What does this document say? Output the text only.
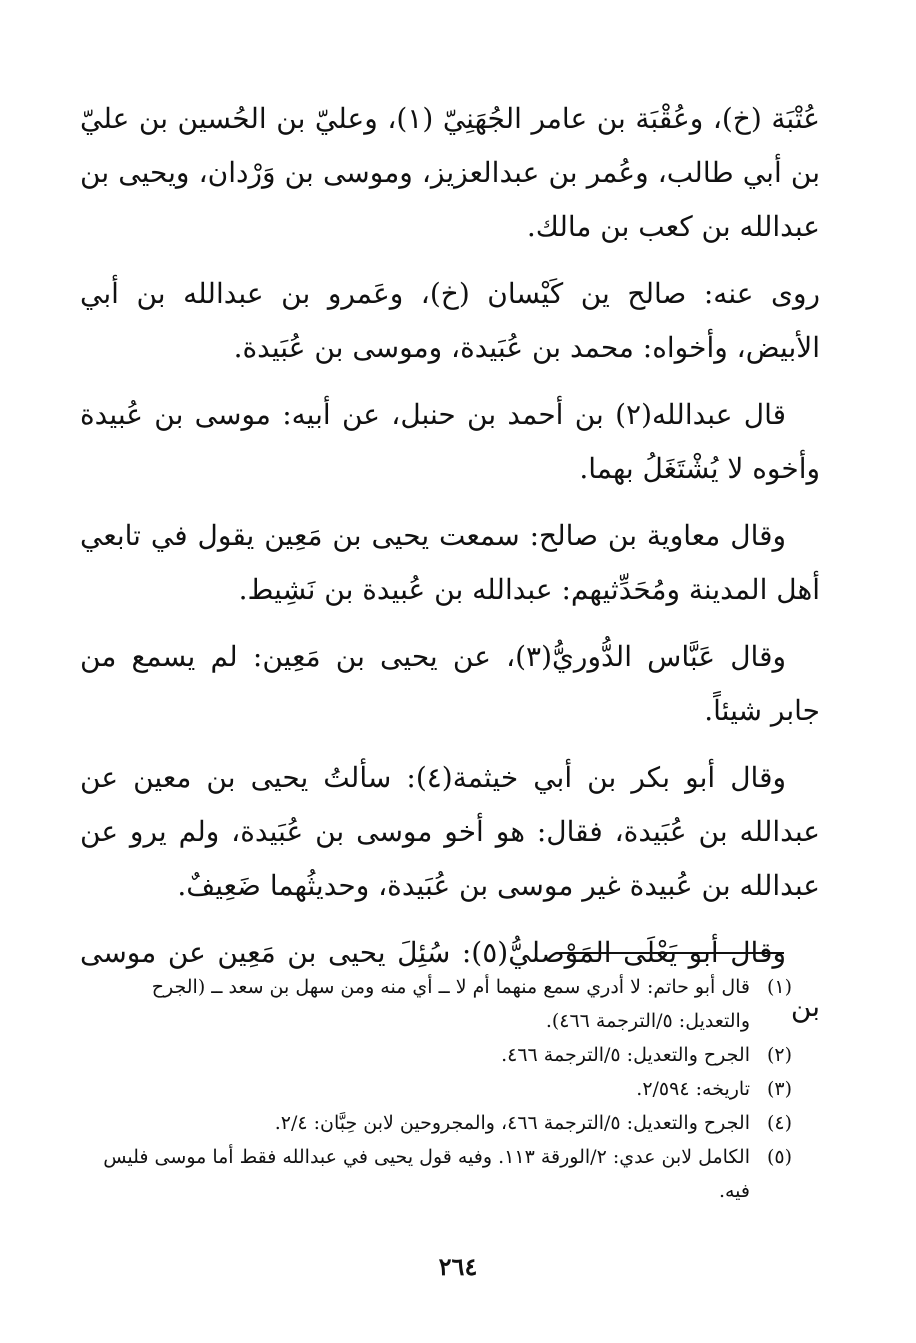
عُتْبَة (خ)، وعُقْبَة بن عامر الجُهَنِيّ (١)، وعليّ بن الحُسين بن عليّ بن أبي طالب، وعُمر بن عبدالعزيز، وموسى بن وَرْدان، ويحيى بن عبدالله بن كعب بن مالك.

روى عنه: صالح ين كَيْسان (خ)، وعَمرو بن عبدالله بن أبي الأبيض، وأخواه: محمد بن عُبَيدة، وموسى بن عُبَيدة.

قال عبدالله(٢) بن أحمد بن حنبل، عن أبيه: موسى بن عُبيدة وأخوه لا يُشْتَغَلُ بهما.

وقال معاوية بن صالح: سمعت يحيى بن مَعِين يقول في تابعي أهل المدينة ومُحَدِّثيهم: عبدالله بن عُبيدة بن نَشِيط.

وقال عَبَّاس الدُّوريُّ(٣)، عن يحيى بن مَعِين: لم يسمع من جابر شيئاً.

وقال أبو بكر بن أبي خيثمة(٤): سألتُ يحيى بن معين عن عبدالله بن عُبَيدة، فقال: هو أخو موسى بن عُبَيدة، ولم يرو عن عبدالله بن عُبيدة غير موسى بن عُبَيدة، وحديثُهما ضَعِيفٌ.

وقال أبو يَعْلَى المَوْصليُّ(٥): سُئِلَ يحيى بن مَعِين عن موسى بن

(١)
قال أبو حاتم: لا أدري سمع منهما أم لا ــ أي منه ومن سهل بن سعد ــ (الجرح والتعديل: ٥/الترجمة ٤٦٦).

(٢)
الجرح والتعديل: ٥/الترجمة ٤٦٦.

(٣)
تاريخه: ٢/٥٩٤.

(٤)
الجرح والتعديل: ٥/الترجمة ٤٦٦، والمجروحين لابن حِبَّان: ٢/٤.

(٥)
الكامل لابن عدي: ٢/الورقة ١١٣. وفيه قول يحيى في عبدالله فقط أما موسى فليس فيه.

٢٦٤
